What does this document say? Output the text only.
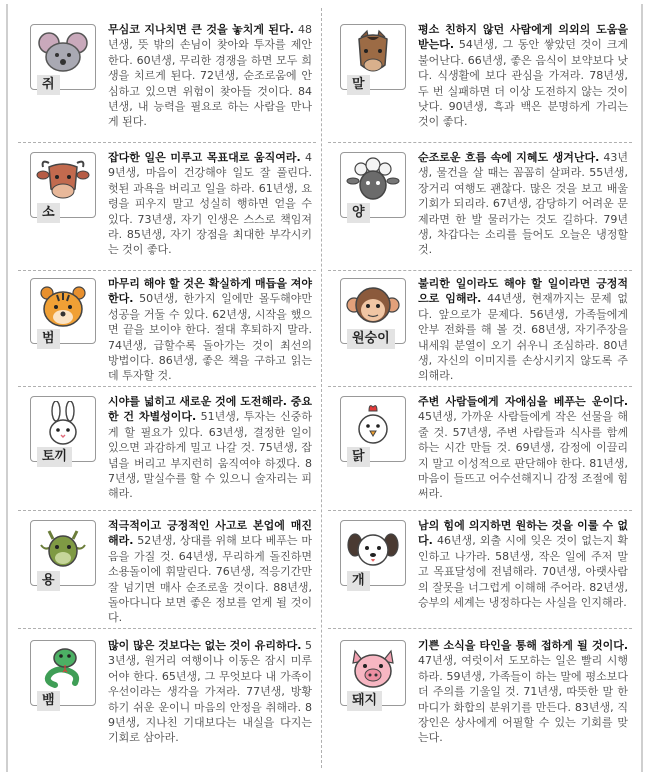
쥐
무심코 지나치면 큰 것을 놓치게 된다. 48년생, 뜻 밖의 손님이 찾아와 투자를 제안한다. 60년생, 무리한 경쟁을 하면 모두 희생을 치르게 된다. 72년생, 순조로움에 안심하고 있으면 위험이 찾아들 것이다. 84년생, 내 능력을 필요로 하는 사람을 만나게 된다.
말
평소 친하지 않던 사람에게 의외의 도움을 받는다. 54년생, 그 동안 쌓았던 것이 크게 불어난다. 66년생, 좋은 음식이 보약보다 낫다. 식생활에 보다 관심을 가져라. 78년생, 두 번 실패하면 더 이상 도전하지 않는 것이 낫다. 90년생, 흑과 백은 분명하게 가리는 것이 좋다.
소
잡다한 일은 미루고 목표대로 움직여라. 49년생, 마음이 건강해야 일도 잘 풀린다. 헛된 과욕을 버리고 일을 하라. 61년생, 요령을 피우지 말고 성실히 행하면 얻을 수 있다. 73년생, 자기 인생은 스스로 책임져라. 85년생, 자기 장점을 최대한 부각시키는 것이 좋다.
양
순조로운 흐름 속에 지혜도 생겨난다. 43년생, 물건을 살 때는 꼼꼼히 살펴라. 55년생, 장거리 여행도 괜찮다. 많은 것을 보고 배울 기회가 되리라. 67년생, 감당하기 어려운 문제라면 한 발 물러가는 것도 길하다. 79년생, 차갑다는 소리를 들어도 오늘은 냉정할 것.
범
마무리 해야 할 것은 확실하게 매듭을 져야 한다. 50년생, 한가지 일에만 몰두해야만 성공을 거둘 수 있다. 62년생, 시작을 했으면 끝을 보이야 한다. 절대 후퇴하지 말라. 74년생, 급할수록 돌아가는 것이 최선의 방법이다. 86년생, 좋은 책을 구하고 읽는 데 투자할 것.
원숭이
불리한 일이라도 해야 할 일이라면 긍정적으로 임해라. 44년생, 현재까지는 문제 없다. 앞으로가 문제다. 56년생, 가족들에게 안부 전화를 해 볼 것. 68년생, 자기주장을 내세워 분열이 오기 쉬우니 조심하라. 80년생, 자신의 이미지를 손상시키지 않도록 주의해라.
토끼
시야를 넓히고 새로운 것에 도전해라. 중요한 건 차별성이다. 51년생, 투자는 신중하게 할 필요가 있다. 63년생, 결정한 일이 있으면 과감하게 밀고 나갈 것. 75년생, 잡념을 버리고 부지런히 움직여야 하겠다. 87년생, 말실수를 할 수 있으니 술자리는 피해라.
닭
주변 사람들에게 자애심을 베푸는 운이다. 45년생, 가까운 사람들에게 작은 선물을 해 줄 것. 57년생, 주변 사람들과 식사를 함께 하는 시간 만들 것. 69년생, 감정에 이끌리지 말고 이성적으로 판단해야 한다. 81년생, 마음이 들뜨고 어수선해지니 감정 조절에 힘써라.
용
적극적이고 긍정적인 사고로 본업에 매진해라. 52년생, 상대를 위해 보다 베푸는 마음을 가질 것. 64년생, 무리하게 돌진하면 소용돌이에 휘말린다. 76년생, 적응기간만 잘 넘기면 매사 순조로울 것이다. 88년생, 돌아다니다 보면 좋은 정보를 얻게 될 것이다.
개
남의 힘에 의지하면 원하는 것을 이룰 수 없다. 46년생, 외출 시에 잊은 것이 없는지 확인하고 나가라. 58년생, 작은 일에 주저 말고 목표달성에 전념해라. 70년생, 아랫사람의 잘못을 너그럽게 이해해 주어라. 82년생, 승부의 세계는 냉정하다는 사실을 인지해라.
뱀
많이 많은 것보다는 없는 것이 유리하다. 53년생, 원거리 여행이나 이동은 잠시 미루어야 한다. 65년생, 그 무엇보다 내 가족이 우선이라는 생각을 가져라. 77년생, 방황하기 쉬운 운이니 마음의 안정을 취해라. 89년생, 지나친 기대보다는 내실을 다지는 기회로 삼아라.
돼지
기쁜 소식을 타인을 통해 접하게 될 것이다. 47년생, 여럿이서 도모하는 일은 빨리 시행하라. 59년생, 가족들이 하는 말에 평소보다 더 주의를 기울일 것. 71년생, 따뜻한 말 한마디가 화합의 분위기를 만든다. 83년생, 직장인은 상사에게 어필할 수 있는 기회를 맞는다.
